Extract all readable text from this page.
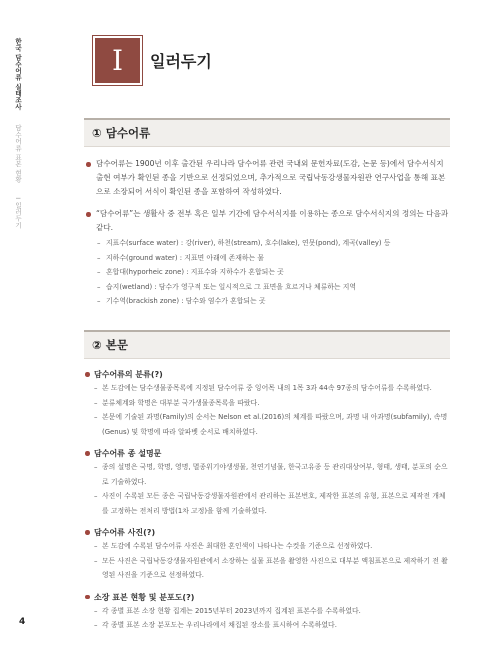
한국 담수어류 실태조사  담수어류 표본 현황  I 일러두기
I 일러두기
① 담수어류
담수어류는 1900년 이후 출간된 우리나라 담수어류 관련 국내외 문헌자료(도감, 논문 등)에서 담수서식지 출현 여부가 확인된 종을 기반으로 선정되었으며, 추가적으로 국립낙동강생물자원관 연구사업을 통해 표본으로 소장되어 서식이 확인된 종을 포함하여 작성하였다.
“담수어류”는 생활사 중 전부 혹은 일부 기간에 담수서식지를 이용하는 종으로 담수서식지의 정의는 다음과 같다.
– 지표수(surface water) : 강(river), 하천(stream), 호수(lake), 연못(pond), 계곡(valley) 등
– 지하수(ground water) : 지표면 아래에 존재하는 물
– 혼합대(hyporheic zone) : 지표수와 지하수가 혼합되는 곳
– 습지(wetland) : 담수가 영구적 또는 일시적으로 그 표면을 흐르거나 체류하는 지역
– 기수역(brackish zone) : 담수와 염수가 혼합되는 곳
② 본문
담수어류의 분류(?)
– 본 도감에는 담수생물종목록에 지정된 담수어류 중 잉어목 내의 1목 3과 44속 97종의 담수어류를 수록하였다.
– 분류체계와 학명은 대부분 국가생물종목록을 따랐다.
– 본문에 기술된 과명(Family)의 순서는 Nelson et al.(2016)의 체계를 따랐으며, 과명 내 아과명(subfamily), 속명(Genus) 및 학명에 따라 알파벳 순서로 배치하였다.
담수어류 종 설명문
– 종의 설명은 국명, 학명, 영명, 멸종위기야생생물, 천연기념물, 한국고유종 등 관리대상여부, 형태, 생태, 분포의 순으로 기술하였다.
– 사진이 수록된 모든 종은 국립낙동강생물자원관에서 관리하는 표본번호, 제작한 표본의 유형, 표본으로 제작전 개체를 고정하는 전처리 방법(1차 고정)을 함께 기술하였다.
담수어류 사진(?)
– 본 도감에 수록된 담수어류 사진은 최대한 혼인색이 나타나는 수컷을 기준으로 선정하였다.
– 모든 사진은 국립낙동강생물자원관에서 소장하는 실물 표본을 촬영한 사진으로 대부분 액침표본으로 제작하기 전 촬영된 사진을 기준으로 선정하였다.
소장 표본 현황 및 분포도(?)
– 각 종별 표본 소장 현황 집계는 2015년부터 2023년까지 집계된 표본수를 수록하였다.
– 각 종별 표본 소장 분포도는 우리나라에서 채집된 장소를 표시하여 수록하였다.
4
